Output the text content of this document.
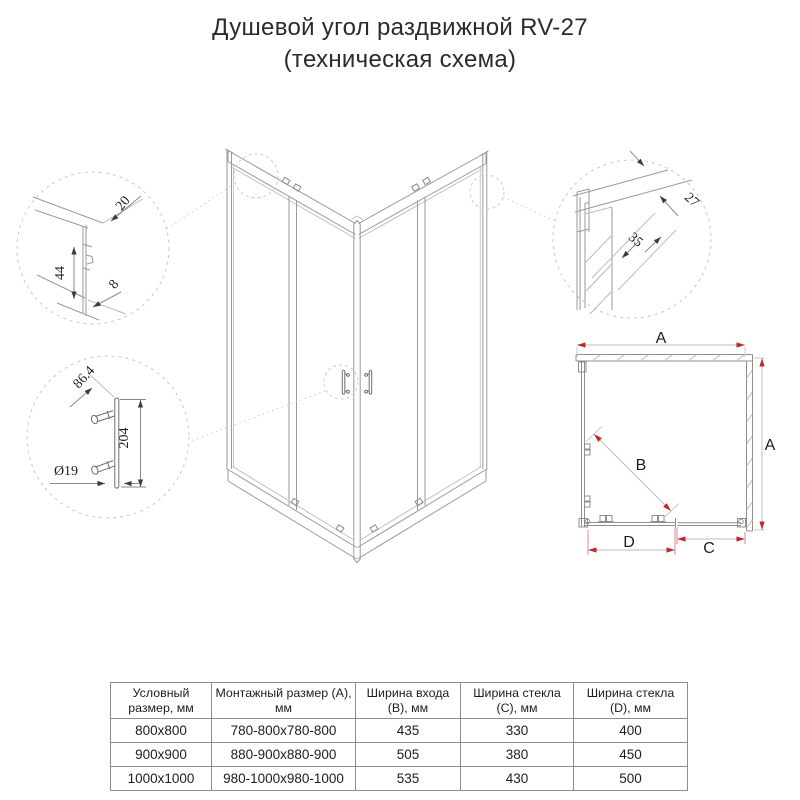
Душевой угол раздвижной RV-27
(техническая схема)
20
44
8
86.4
204
Ø19
27
35
A
A
B
D	C
Условный размер, мм	Монтажный размер (A), мм	Ширина входа (B), мм	Ширина стекла (C), мм	Ширина стекла (D), мм
800x800	780-800x780-800	435	330	400
900x900	880-900x880-900	505	380	450
1000x1000	980-1000x980-1000	535	430	500
